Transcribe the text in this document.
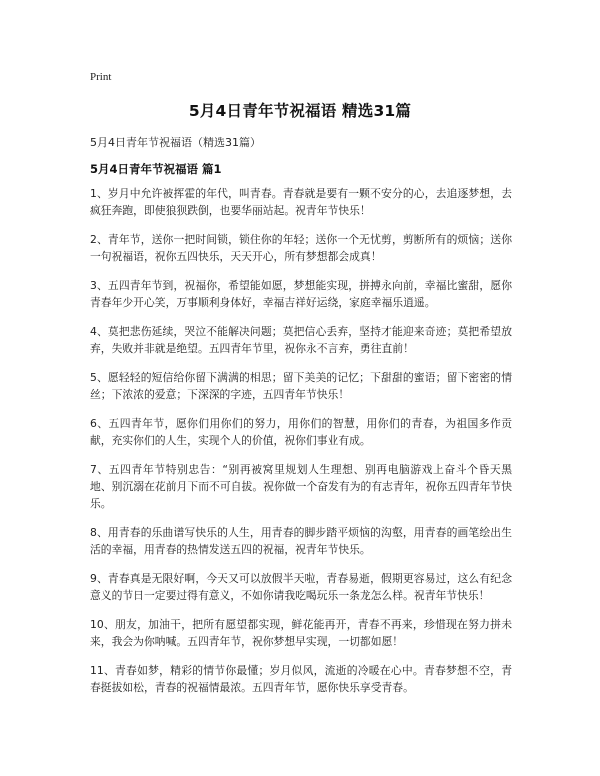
Print
5月4日青年节祝福语 精选31篇
5月4日青年节祝福语（精选31篇）
5月4日青年节祝福语 篇1

1、岁月中允许被挥霍的年代，叫青春。青春就是要有一颗不安分的心，去追逐梦想，去疯狂奔跑，即使狼狈跌倒，也要华丽站起。祝青年节快乐！

2、青年节，送你一把时间锁，锁住你的年轻；送你一个无忧剪，剪断所有的烦恼；送你一句祝福语，祝你五四快乐，天天开心，所有梦想都会成真！

3、五四青年节到，祝福你，希望能如愿，梦想能实现，拼搏永向前，幸福比蜜甜，愿你青春年少开心笑，万事顺利身体好，幸福吉祥好运绕，家庭幸福乐逍遥。

4、莫把悲伤延续，哭泣不能解决问题；莫把信心丢弃，坚持才能迎来奇迹；莫把希望放弃，失败并非就是绝望。五四青年节里，祝你永不言弃，勇往直前！

5、愿轻轻的短信给你留下满满的相思；留下美美的记忆；下甜甜的蜜语；留下密密的情丝；下浓浓的爱意；下深深的字迹，五四青年节快乐！

6、五四青年节，愿你们用你们的努力，用你们的智慧，用你们的青春，为祖国多作贡献，充实你们的人生，实现个人的价值，祝你们事业有成。

7、五四青年节特别忠告：“别再被窝里规划人生理想、别再电脑游戏上奋斗个昏天黑地、别沉溺在花前月下而不可自拔。祝你做一个奋发有为的有志青年，祝你五四青年节快乐。

8、用青春的乐曲谱写快乐的人生，用青春的脚步踏平烦恼的沟壑，用青春的画笔绘出生活的幸福，用青春的热情发送五四的祝福，祝青年节快乐。

9、青春真是无限好啊，今天又可以放假半天啦，青春易逝，假期更容易过，这么有纪念意义的节日一定要过得有意义，不如你请我吃喝玩乐一条龙怎么样。祝青年节快乐！

10、朋友，加油干，把所有愿望都实现，鲜花能再开，青春不再来，珍惜现在努力拼未来，我会为你呐喊。五四青年节，祝你梦想早实现，一切都如愿！

11、青春如梦，精彩的情节你最懂；岁月似风，流逝的冷暖在心中。青春梦想不空，青春挺拔如松，青春的祝福情最浓。五四青年节，愿你快乐享受青春。
